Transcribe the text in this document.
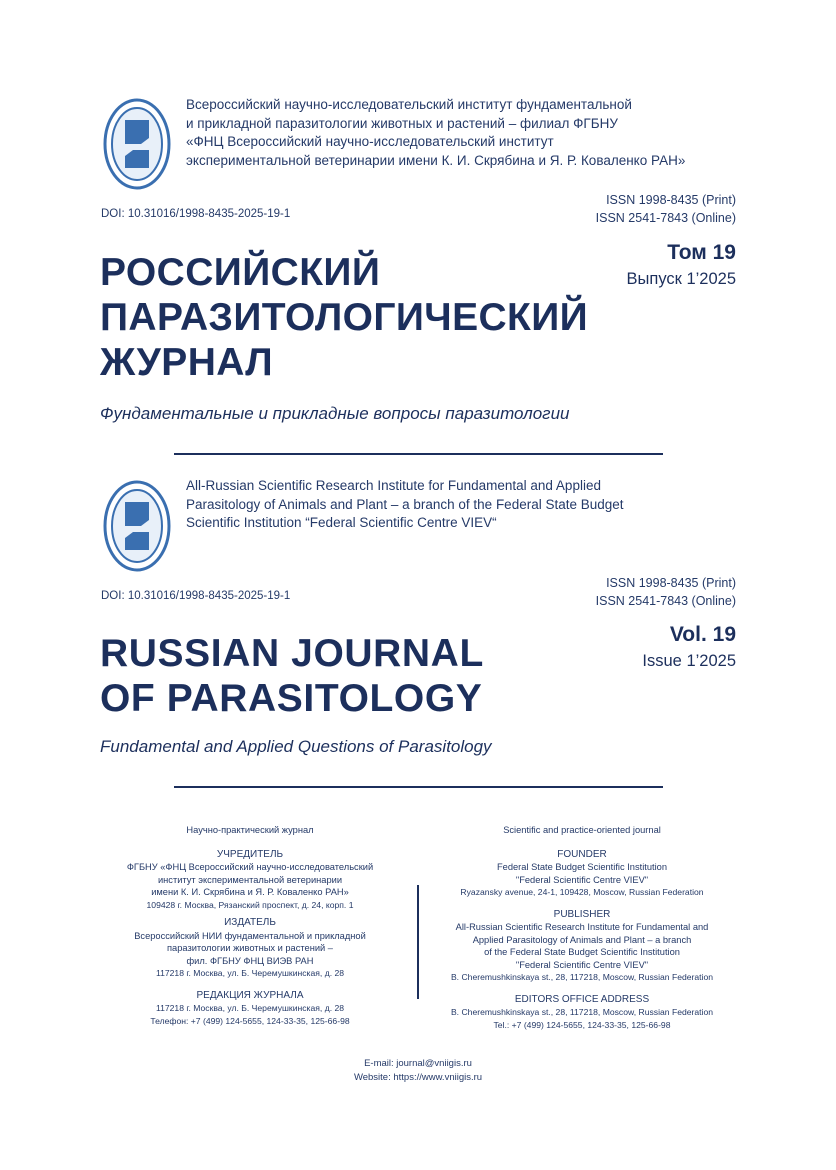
Всероссийский научно-исследовательский институт фундаментальной
и прикладной паразитологии животных и растений – филиал ФГБНУ
«ФНЦ Всероссийский научно-исследовательский институт
экспериментальной ветеринарии имени К. И. Скрябина и Я. Р. Коваленко РАН»
DOI: 10.31016/1998-8435-2025-19-1
ISSN 1998-8435 (Print)
ISSN 2541-7843 (Online)
Том 19
Выпуск 1’2025
РОССИЙСКИЙ
ПАРАЗИТОЛОГИЧЕСКИЙ
ЖУРНАЛ
Фундаментальные и прикладные вопросы паразитологии
All-Russian Scientific Research Institute for Fundamental and Applied
Parasitology of Animals and Plant – a branch of the Federal State Budget
Scientific Institution “Federal Scientific Centre VIEV“
DOI: 10.31016/1998-8435-2025-19-1
ISSN 1998-8435 (Print)
ISSN 2541-7843 (Online)
Vol. 19
Issue 1’2025
RUSSIAN JOURNAL
OF PARASITOLOGY
Fundamental and Applied Questions of Parasitology
Научно-практический журнал
УЧРЕДИТЕЛЬ
ФГБНУ «ФНЦ Всероссийский научно-исследовательский
институт экспериментальной ветеринарии
имени К. И. Скрябина и Я. Р. Коваленко РАН»
109428 г. Москва, Рязанский проспект, д. 24, корп. 1
ИЗДАТЕЛЬ
Всероссийский НИИ фундаментальной и прикладной
паразитологии животных и растений –
фил. ФГБНУ ФНЦ ВИЭВ РАН
117218 г. Москва, ул. Б. Черемушкинская, д. 28
РЕДАКЦИЯ ЖУРНАЛА
117218 г. Москва, ул. Б. Черемушкинская, д. 28
Телефон: +7 (499) 124-5655, 124-33-35, 125-66-98
Scientific and practice-oriented journal
FOUNDER
Federal State Budget Scientific Institution
"Federal Scientific Centre VIEV"
Ryazansky avenue, 24-1, 109428, Moscow, Russian Federation
PUBLISHER
All-Russian Scientific Research Institute for Fundamental and
Applied Parasitology of Animals and Plant – a branch
of the Federal State Budget Scientific Institution
"Federal Scientific Centre VIEV"
B. Cheremushkinskaya st., 28, 117218, Moscow, Russian Federation
EDITORS OFFICE ADDRESS
B. Cheremushkinskaya st., 28, 117218, Moscow, Russian Federation
Tel.: +7 (499) 124-5655, 124-33-35, 125-66-98
E-mail: journal@vniigis.ru
Website: https://www.vniigis.ru
